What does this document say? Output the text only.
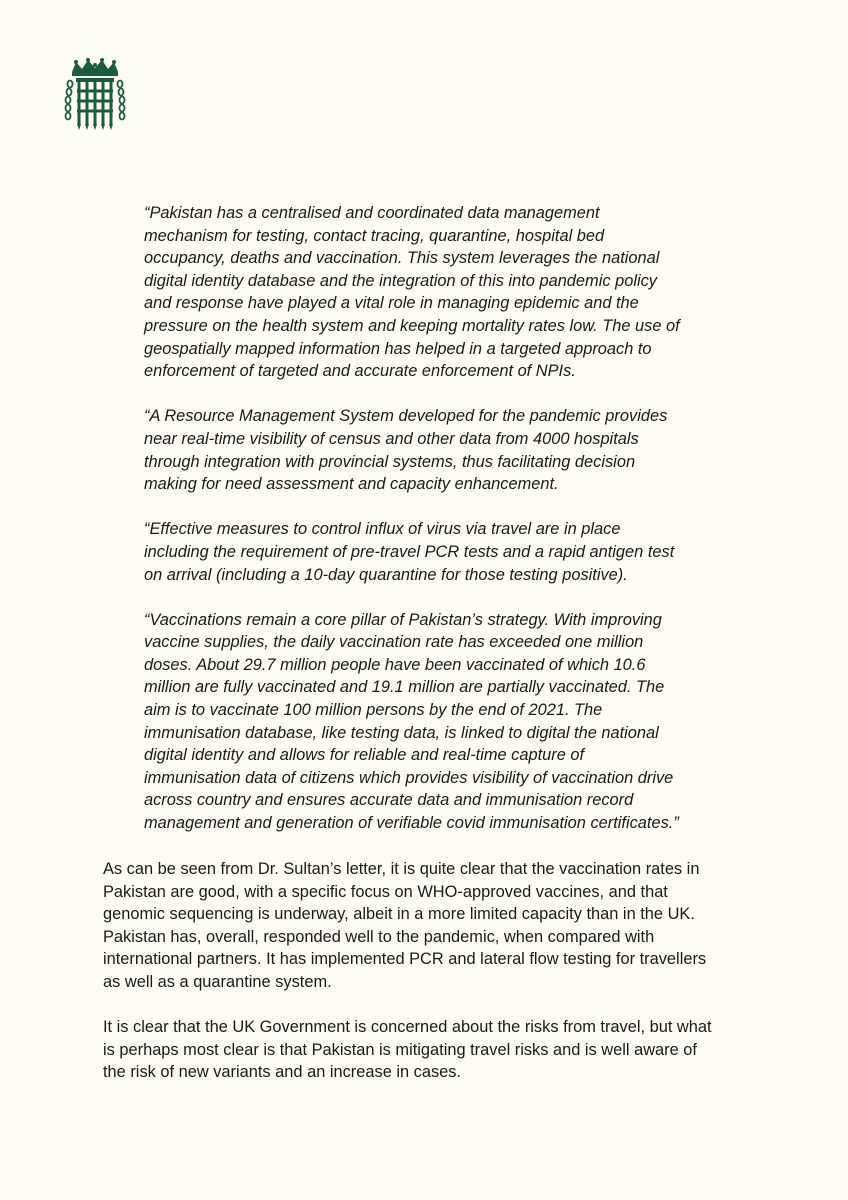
“Pakistan has a centralised and coordinated data management
mechanism for testing, contact tracing, quarantine, hospital bed
occupancy, deaths and vaccination. This system leverages the national
digital identity database and the integration of this into pandemic policy
and response have played a vital role in managing epidemic and the
pressure on the health system and keeping mortality rates low. The use of
geospatially mapped information has helped in a targeted approach to
enforcement of targeted and accurate enforcement of NPIs.

“A Resource Management System developed for the pandemic provides
near real-time visibility of census and other data from 4000 hospitals
through integration with provincial systems, thus facilitating decision
making for need assessment and capacity enhancement.

“Effective measures to control influx of virus via travel are in place
including the requirement of pre-travel PCR tests and a rapid antigen test
on arrival (including a 10-day quarantine for those testing positive).

“Vaccinations remain a core pillar of Pakistan’s strategy. With improving
vaccine supplies, the daily vaccination rate has exceeded one million
doses. About 29.7 million people have been vaccinated of which 10.6
million are fully vaccinated and 19.1 million are partially vaccinated. The
aim is to vaccinate 100 million persons by the end of 2021. The
immunisation database, like testing data, is linked to digital the national
digital identity and allows for reliable and real-time capture of
immunisation data of citizens which provides visibility of vaccination drive
across country and ensures accurate data and immunisation record
management and generation of verifiable covid immunisation certificates.”

As can be seen from Dr. Sultan’s letter, it is quite clear that the vaccination rates in
Pakistan are good, with a specific focus on WHO-approved vaccines, and that
genomic sequencing is underway, albeit in a more limited capacity than in the UK.
Pakistan has, overall, responded well to the pandemic, when compared with
international partners. It has implemented PCR and lateral flow testing for travellers
as well as a quarantine system.

It is clear that the UK Government is concerned about the risks from travel, but what
is perhaps most clear is that Pakistan is mitigating travel risks and is well aware of
the risk of new variants and an increase in cases.
